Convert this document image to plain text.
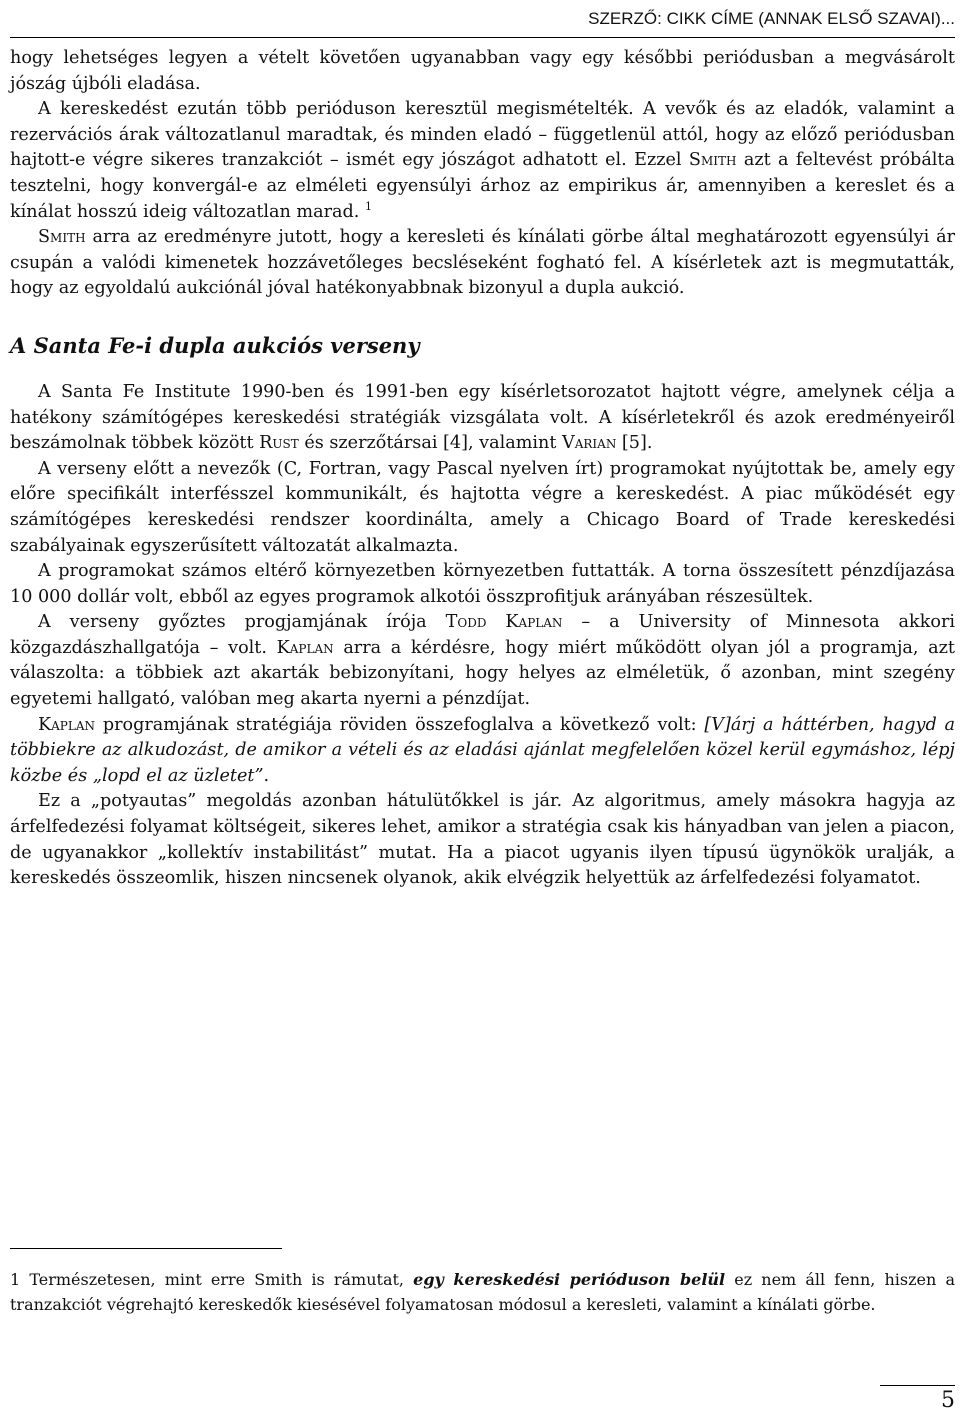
SZERZŐ: CIKK CÍME (ANNAK ELSŐ SZAVAI)...

hogy lehetséges legyen a vételt követően ugyanabban vagy egy későbbi periódusban a megvásárolt jószág újbóli eladása.

A kereskedést ezután több perióduson keresztül megismételték. A vevők és az eladók, valamint a rezervációs árak változatlanul maradtak, és minden eladó – függetlenül attól, hogy az előző periódusban hajtott-e végre sikeres tranzakciót – ismét egy jószágot adhatott el. Ezzel Smith azt a feltevést próbálta tesztelni, hogy konvergál-e az elméleti egyensúlyi árhoz az empirikus ár, amennyiben a kereslet és a kínálat hosszú ideig változatlan marad. $^1$

Smith arra az eredményre jutott, hogy a keresleti és kínálati görbe által meghatározott egyensúlyi ár csupán a valódi kimenetek hozzávetőleges becsléseként fogható fel. A kísérletek azt is megmutatták, hogy az egyoldalú aukciónál jóval hatékonyabbnak bizonyul a dupla aukció.

A Santa Fe-i dupla aukciós verseny

A Santa Fe Institute 1990-ben és 1991-ben egy kísérletsorozatot hajtott végre, amelynek célja a hatékony számítógépes kereskedési stratégiák vizsgálata volt. A kísérletekről és azok eredményeiről beszámolnak többek között Rust és szerzőtársai [4], valamint Varian [5].

A verseny előtt a nevezők (C, Fortran, vagy Pascal nyelven írt) programokat nyújtottak be, amely egy előre specifikált interfésszel kommunikált, és hajtotta végre a kereskedést. A piac működését egy számítógépes kereskedési rendszer koordinálta, amely a Chicago Board of Trade kereskedési szabályainak egyszerűsített változatát alkalmazta.

A programokat számos eltérő környezetben környezetben futtatták. A torna összesített pénzdíjazása 10 000 dollár volt, ebből az egyes programok alkotói összprofitjuk arányában részesültek.

A verseny győztes progjamjának írója Todd Kaplan – a University of Minnesota akkori közgazdászhallgatója – volt. Kaplan arra a kérdésre, hogy miért működött olyan jól a programja, azt válaszolta: a többiek azt akarták bebizonyítani, hogy helyes az elméletük, ő azonban, mint szegény egyetemi hallgató, valóban meg akarta nyerni a pénzdíjat.

Kaplan programjának stratégiája röviden összefoglalva a következő volt: [V]árj a háttérben, hagyd a többiekre az alkudozást, de amikor a vételi és az eladási ajánlat megfelelően közel kerül egymáshoz, lépj közbe és „lopd el az üzletet”.

Ez a „potyautas” megoldás azonban hátulütőkkel is jár. Az algoritmus, amely másokra hagyja az árfelfedezési folyamat költségeit, sikeres lehet, amikor a stratégia csak kis hányadban van jelen a piacon, de ugyanakkor „kollektív instabilitást” mutat. Ha a piacot ugyanis ilyen típusú ügynökök uralják, a kereskedés összeomlik, hiszen nincsenek olyanok, akik elvégzik helyettük az árfelfedezési folyamatot.

1 Természetesen, mint erre Smith is rámutat, egy kereskedési perióduson belül ez nem áll fenn, hiszen a tranzakciót végrehajtó kereskedők kiesésével folyamatosan módosul a keresleti, valamint a kínálati görbe.
5
